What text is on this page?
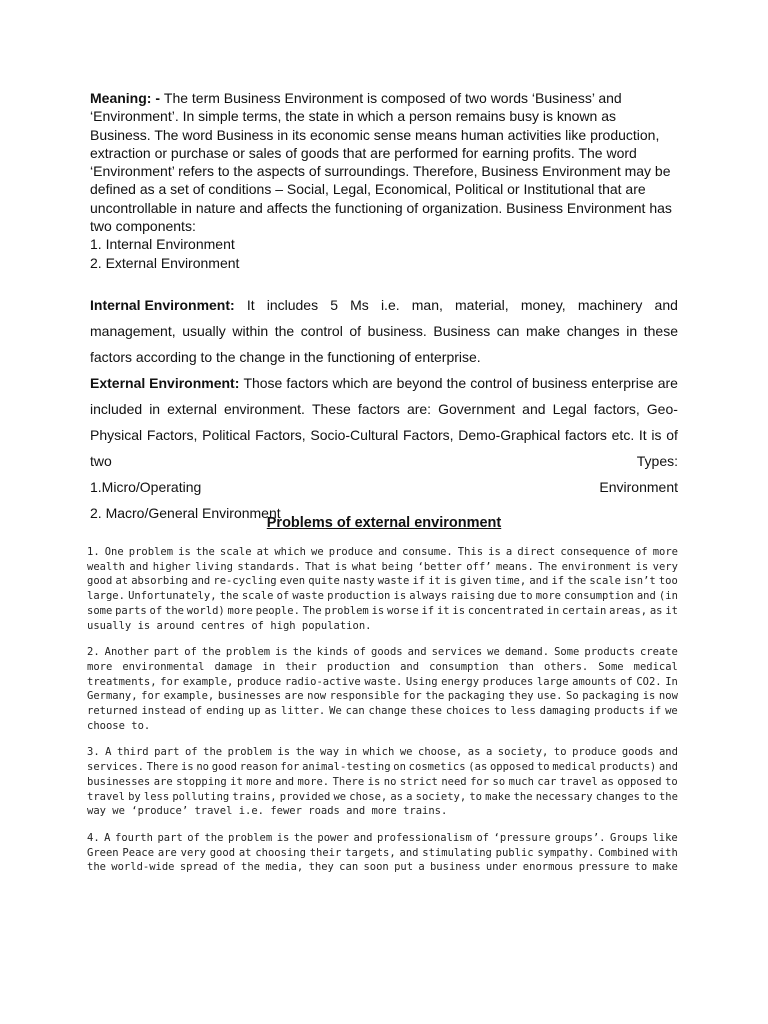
Meaning: - The term Business Environment is composed of two words ‘Business’ and
‘Environment’. In simple terms, the state in which a person remains busy is known as
Business. The word Business in its economic sense means human activities like production,
extraction or purchase or sales of goods that are performed for earning profits. The word
‘Environment’ refers to the aspects of surroundings. Therefore, Business Environment may be
defined as a set of conditions – Social, Legal, Economical, Political or Institutional that are
uncontrollable in nature and affects the functioning of organization. Business Environment has
two components:
1. Internal Environment
2. External Environment
Internal Environment: It includes 5 Ms i.e. man, material, money, machinery and
management, usually within the control of business. Business can make changes in these
factors according to the change in the functioning of enterprise.
External Environment: Those factors which are beyond the control of business enterprise are
included in external environment. These factors are: Government and Legal factors, Geo-
Physical Factors, Political Factors, Socio-Cultural Factors, Demo-Graphical factors etc. It is of
two	Types:
1.Micro/Operating	Environment
2. Macro/General Environment
Problems of external environment
1. One problem is the scale at which we produce and consume. This is a direct consequence of more
wealth and higher living standards. That is what being ‘better off’ means. The environment is very
good at absorbing and re-cycling even quite nasty waste if it is given time, and if the scale isn’t too
large. Unfortunately, the scale of waste production is always raising due to more consumption and (in
some parts of the world) more people. The problem is worse if it is concentrated in certain areas, as it
usually is around centres of high population.
2. Another part of the problem is the kinds of goods and services we demand. Some products create
more environmental damage in their production and consumption than others. Some medical
treatments, for example, produce radio-active waste. Using energy produces large amounts of CO2. In
Germany, for example, businesses are now responsible for the packaging they use. So packaging is now
returned instead of ending up as litter. We can change these choices to less damaging products if we
choose to.
3. A third part of the problem is the way in which we choose, as a society, to produce goods and
services. There is no good reason for animal-testing on cosmetics (as opposed to medical products) and
businesses are stopping it more and more. There is no strict need for so much car travel as opposed to
travel by less polluting trains, provided we chose, as a society, to make the necessary changes to the
way we ‘produce’ travel i.e. fewer roads and more trains.
4. A fourth part of the problem is the power and professionalism of ‘pressure groups’. Groups like
Green Peace are very good at choosing their targets, and stimulating public sympathy. Combined with
the world-wide spread of the media, they can soon put a business under enormous pressure to make
